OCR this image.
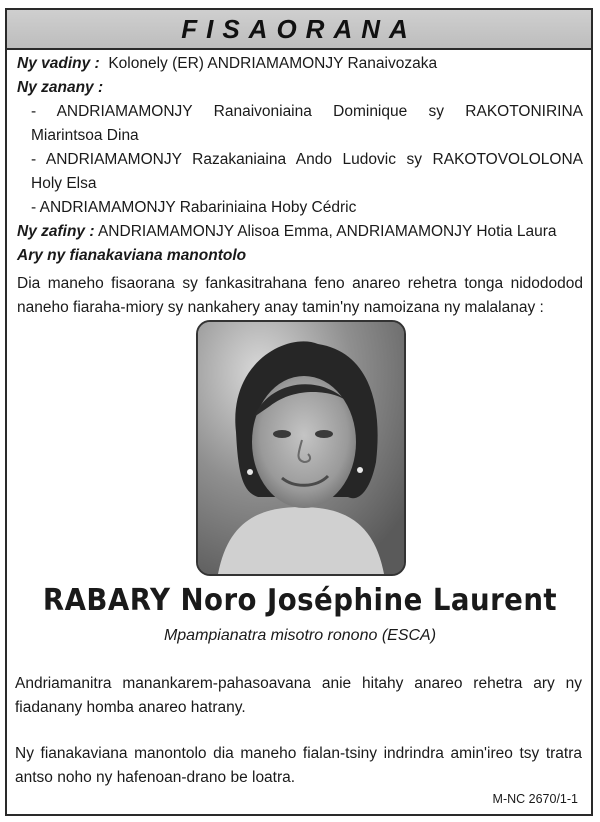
FISAORANA
Ny vadiny : Kolonely (ER) ANDRIAMAMONJY Ranaivozaka
Ny zanany :
- ANDRIAMAMONJY Ranaivoniaina Dominique sy RAKOTONIRINA
Miarintsoa Dina
- ANDRIAMAMONJY Razakaniaina Ando Ludovic sy RAKOTOVOLOLONA
Holy Elsa
- ANDRIAMAMONJY Rabariniaina Hoby Cédric
Ny zafiny : ANDRIAMAMONJY Alisoa Emma, ANDRIAMAMONJY Hotia Laura
Ary ny fianakaviana manontolo
Dia maneho fisaorana sy fankasitrahana feno anareo rehetra tonga nidododod
naneho fiaraha-miory sy nankahery anay tamin'ny namoizana ny malalanay :
RABARY Noro Joséphine Laurent
Mpampianatra misotro ronono (ESCA)
Andriamanitra manankarem-pahasoavana anie hitahy anareo rehetra ary ny
fiadanany homba anareo hatrany.
Ny fianakaviana manontolo dia maneho fialan-tsiny indrindra amin'ireo tsy tratra
antso noho ny hafenoan-drano be loatra.
M-NC 2670/1-1
